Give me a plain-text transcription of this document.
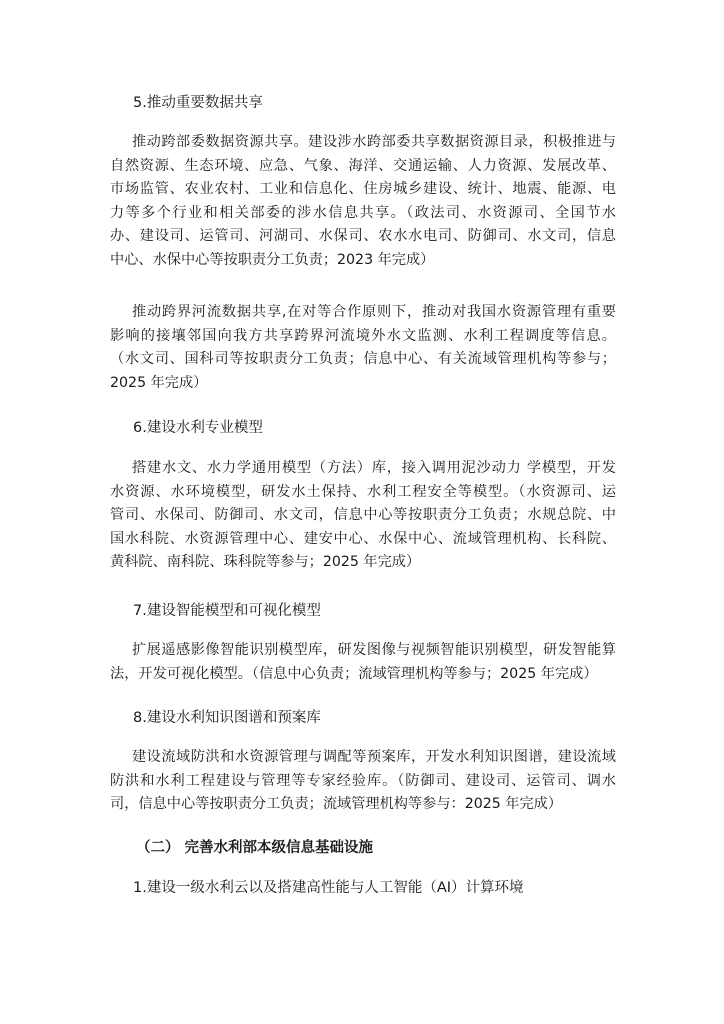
5.推动重要数据共享
推动跨部委数据资源共享。建设涉水跨部委共享数据资源目录，积极推进与
自然资源、生态环境、应急、气象、海洋、交通运输、人力资源、发展改革、
市场监管、农业农村、工业和信息化、住房城乡建设、统计、地震、能源、电
力等多个行业和相关部委的涉水信息共享。（政法司、水资源司、全国节水
办、建设司、运管司、河湖司、水保司、农水水电司、防御司、水文司，信息
中心、水保中心等按职责分工负责；2023 年完成）
推动跨界河流数据共享,在对等合作原则下，推动对我国水资源管理有重要
影响的接壤邻国向我方共享跨界河流境外水文监测、水利工程调度等信息。
（水文司、国科司等按职责分工负责；信息中心、有关流域管理机构等参与；
2025 年完成）
6.建设水利专业模型
搭建水文、水力学通用模型（方法）库，接入调用泥沙动力 学模型，开发
水资源、水环境模型，研发水土保持、水利工程安全等模型。（水资源司、运
管司、水保司、防御司、水文司，信息中心等按职责分工负责；水规总院、中
国水科院、水资源管理中心、建安中心、水保中心、流域管理机构、长科院、
黄科院、南科院、珠科院等参与；2025 年完成）
7.建设智能模型和可视化模型
扩展遥感影像智能识别模型库，研发图像与视频智能识别模型，研发智能算
法，开发可视化模型。（信息中心负责；流域管理机构等参与；2025 年完成）
8.建设水利知识图谱和预案库
建设流域防洪和水资源管理与调配等预案库，开发水利知识图谱，建设流域
防洪和水利工程建设与管理等专家经验库。（防御司、建设司、运管司、调水
司，信息中心等按职责分工负责；流域管理机构等参与：2025 年完成）
（二） 完善水利部本级信息基础设施
1.建设一级水利云以及搭建高性能与人工智能（AI）计算环境
